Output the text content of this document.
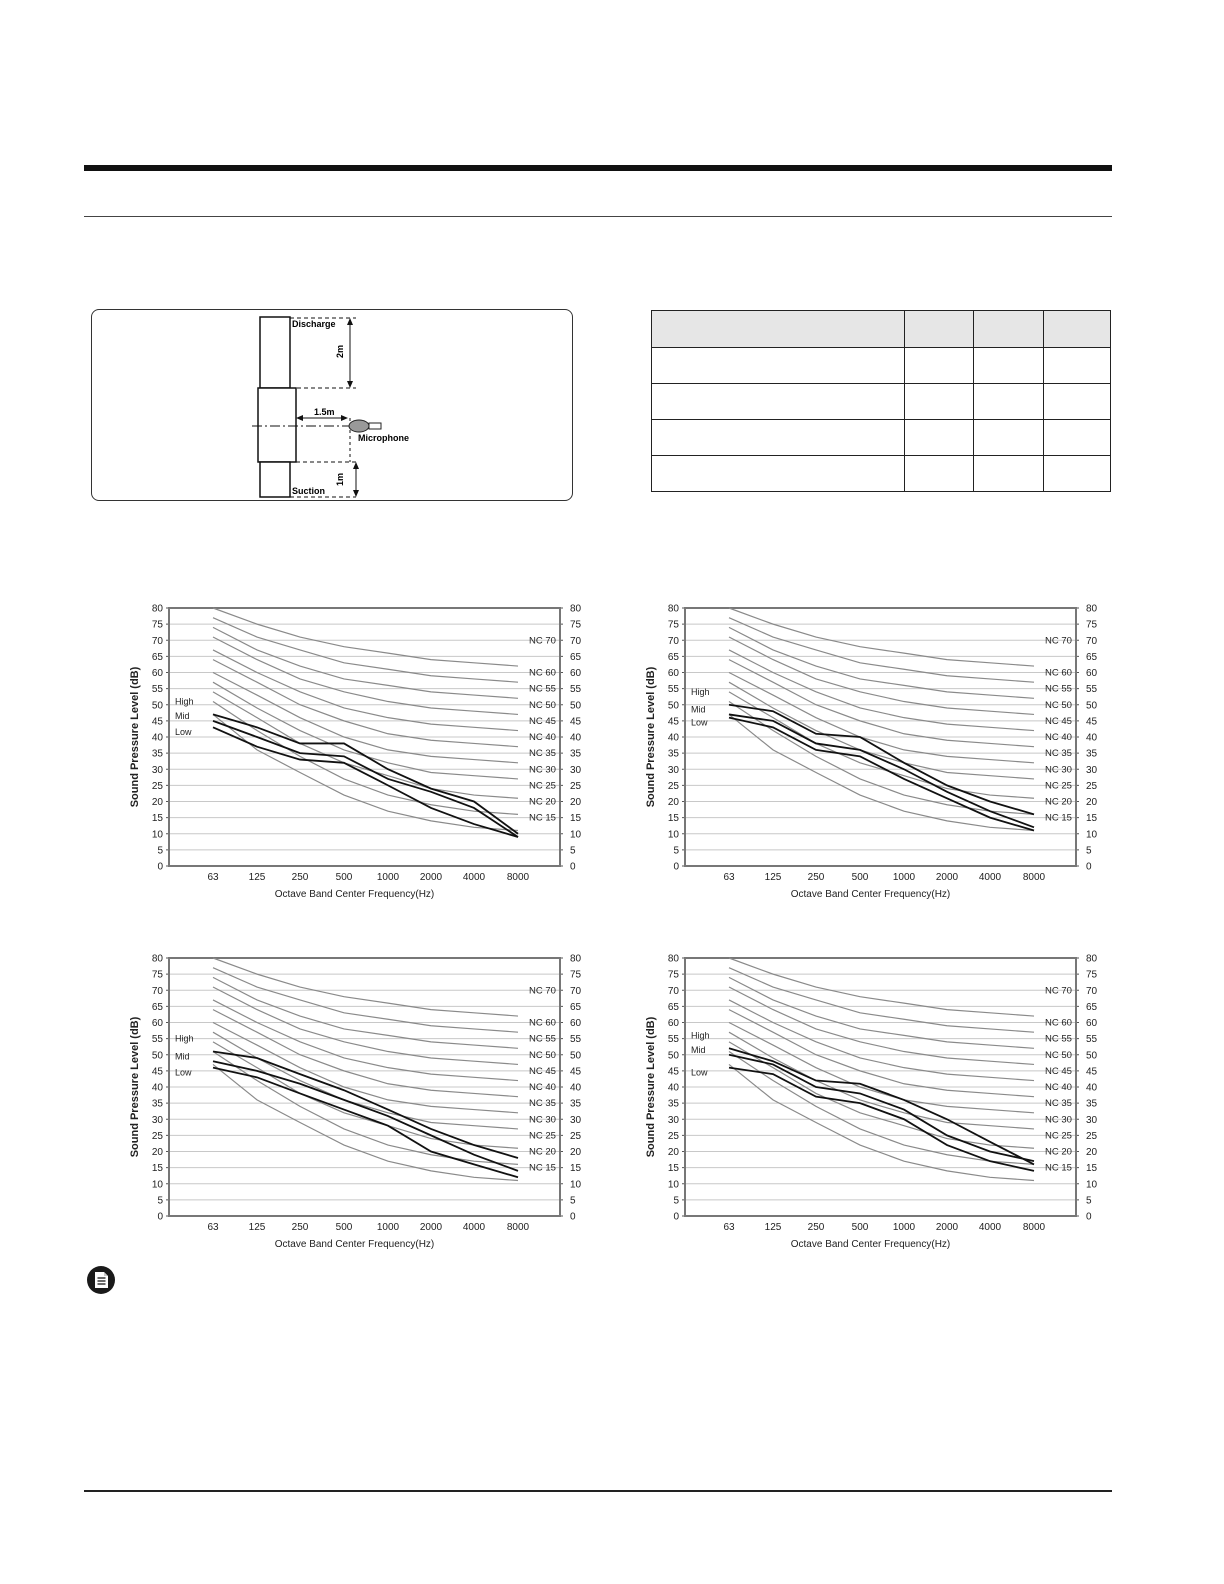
Discharge
Suction
Microphone
1.5m
2m
1m

0	0
5	5
10	10
15	15
20	20
25	25
30	30
35	35
40	40
45	45
50	50
55	55
60	60
65	65
70	70
75	75
80	80
NC 70
NC 60
NC 55
NC 50
NC 45
NC 40
NC 35
NC 30
NC 25
NC 20
NC 15
High
Mid
Low
63	125	250	500 1000 2000 4000 8000
Octave Band Center Frequency(Hz)
Sound Pressure Level (dB)
0	0
5	5
10	10
15	15
20	20
25	25
30	30
35	35
40	40
45	45
50	50
55	55
60	60
65	65
70	70
75	75
80	80
NC 70
NC 60
NC 55
NC 50
NC 45
NC 40
NC 35
NC 30
NC 25
NC 20
NC 15
High
Mid
Low
63	125	250	500 1000 2000 4000 8000
Octave Band Center Frequency(Hz)
Sound Pressure Level (dB)
0	0
5	5
10	10
15	15
20	20
25	25
30	30
35	35
40	40
45	45
50	50
55	55
60	60
65	65
70	70
75	75
80	80
NC 70
NC 60
NC 55
NC 50
NC 45
NC 40
NC 35
NC 30
NC 25
NC 20
NC 15
High
Mid
Low
63	125	250	500 1000 2000 4000 8000
Octave Band Center Frequency(Hz)
Sound Pressure Level (dB)
0	0
5	5
10	10
15	15
20	20
25	25
30	30
35	35
40	40
45	45
50	50
55	55
60	60
65	65
70	70
75	75
80	80
NC 70
NC 60
NC 55
NC 50
NC 45
NC 40
NC 35
NC 30
NC 25
NC 20
NC 15
High
Mid
Low
63	125	250	500 1000 2000 4000 8000
Octave Band Center Frequency(Hz)
Sound Pressure Level (dB)
